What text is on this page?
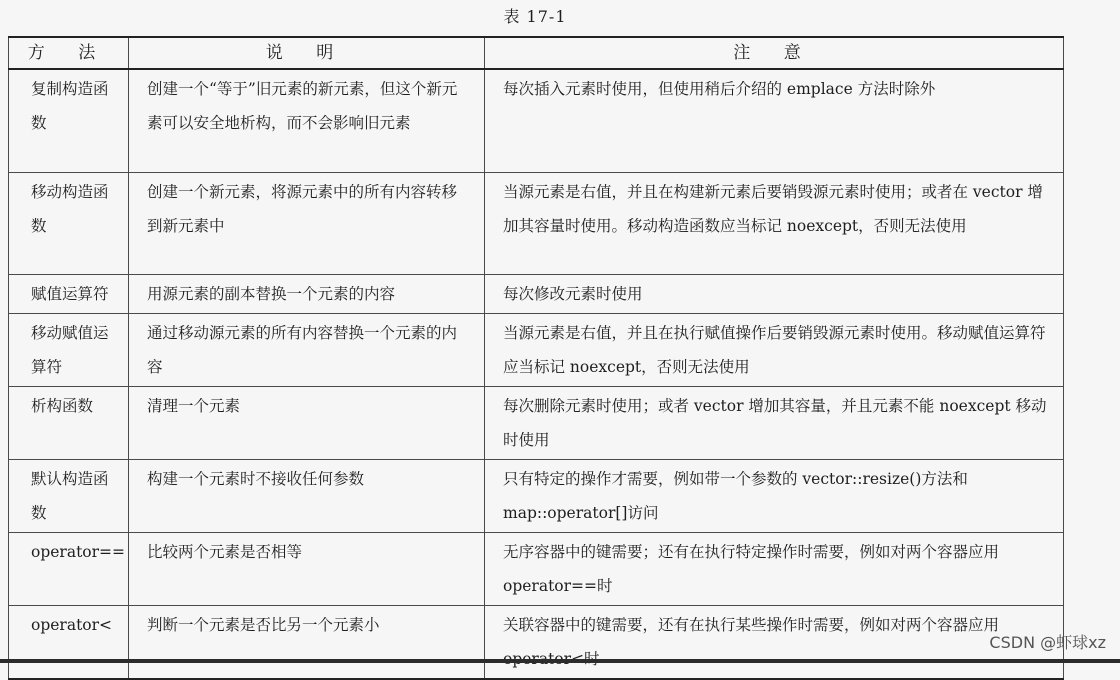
表 17-1
方 法	说 明	注 意
复制构造函数	创建一个“等于”旧元素的新元素，但这个新元素可以安全地析构，而不会影响旧元素	每次插入元素时使用，但使用稍后介绍的 emplace 方法时除外
移动构造函数	创建一个新元素，将源元素中的所有内容转移到新元素中	当源元素是右值，并且在构建新元素后要销毁源元素时使用；或者在 vector 增加其容量时使用。移动构造函数应当标记 noexcept，否则无法使用
赋值运算符	用源元素的副本替换一个元素的内容	每次修改元素时使用
移动赋值运算符	通过移动源元素的所有内容替换一个元素的内容	当源元素是右值，并且在执行赋值操作后要销毁源元素时使用。移动赋值运算符应当标记 noexcept，否则无法使用
析构函数	清理一个元素	每次删除元素时使用；或者 vector 增加其容量，并且元素不能 noexcept 移动时使用
默认构造函数	构建一个元素时不接收任何参数	只有特定的操作才需要，例如带一个参数的 vector::resize()方法和 map::operator[]访问
operator==	比较两个元素是否相等	无序容器中的键需要；还有在执行特定操作时需要，例如对两个容器应用 operator==时
operator<	判断一个元素是否比另一个元素小	关联容器中的键需要，还有在执行某些操作时需要，例如对两个容器应用
CSDN @虾球xz
